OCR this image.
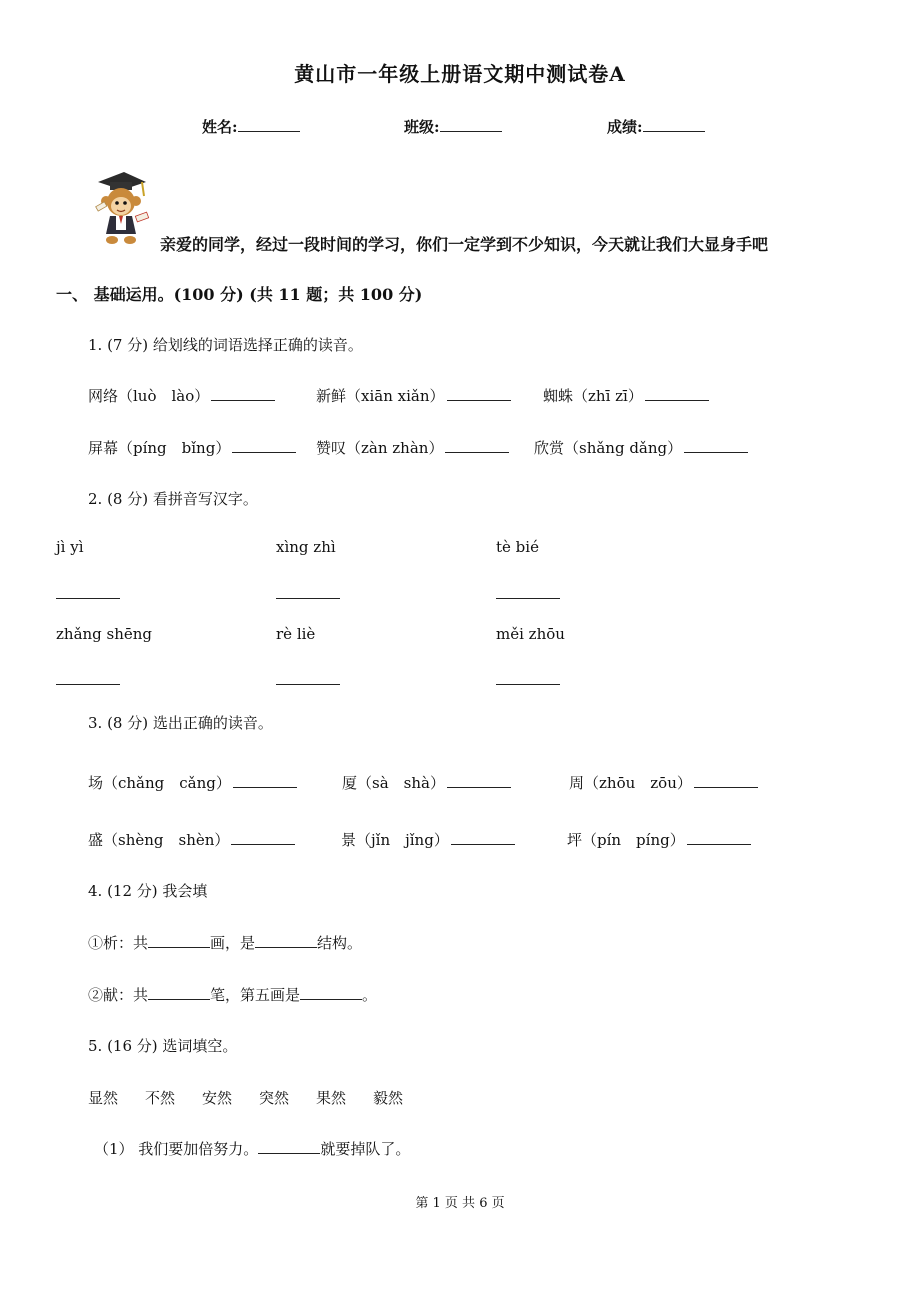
黄山市一年级上册语文期中测试卷A
姓名:	班级:	成绩:
亲爱的同学，经过一段时间的学习，你们一定学到不少知识，今天就让我们大显身手吧
一、 基础运用。(100 分) (共 11 题；共 100 分)
1. (7 分) 给划线的词语选择正确的读音。
网络（luò　lào）	新鲜（xiān xiǎn）	蜘蛛（zhī zī）
屏幕（píng　bǐng）	赞叹（zàn zhàn）	欣赏（shǎng dǎng）
2. (8 分) 看拼音写汉字。
jì yì	xìng zhì	tè bié
zhǎng shēng	rè liè	měi zhōu
3. (8 分) 选出正确的读音。
场（chǎng　cǎng）	厦（sà　shà）	周（zhōu　zōu）
盛（shèng　shèn）	景（jǐn　jǐng）	坪（pín　píng）
4. (12 分) 我会填
①析：共	画，是	结构。
②献：共	笔，第五画是	。
5. (16 分) 选词填空。
显然 不然 安然 突然 果然 毅然
（1） 我们要加倍努力。	就要掉队了。
第 1 页 共 6 页
